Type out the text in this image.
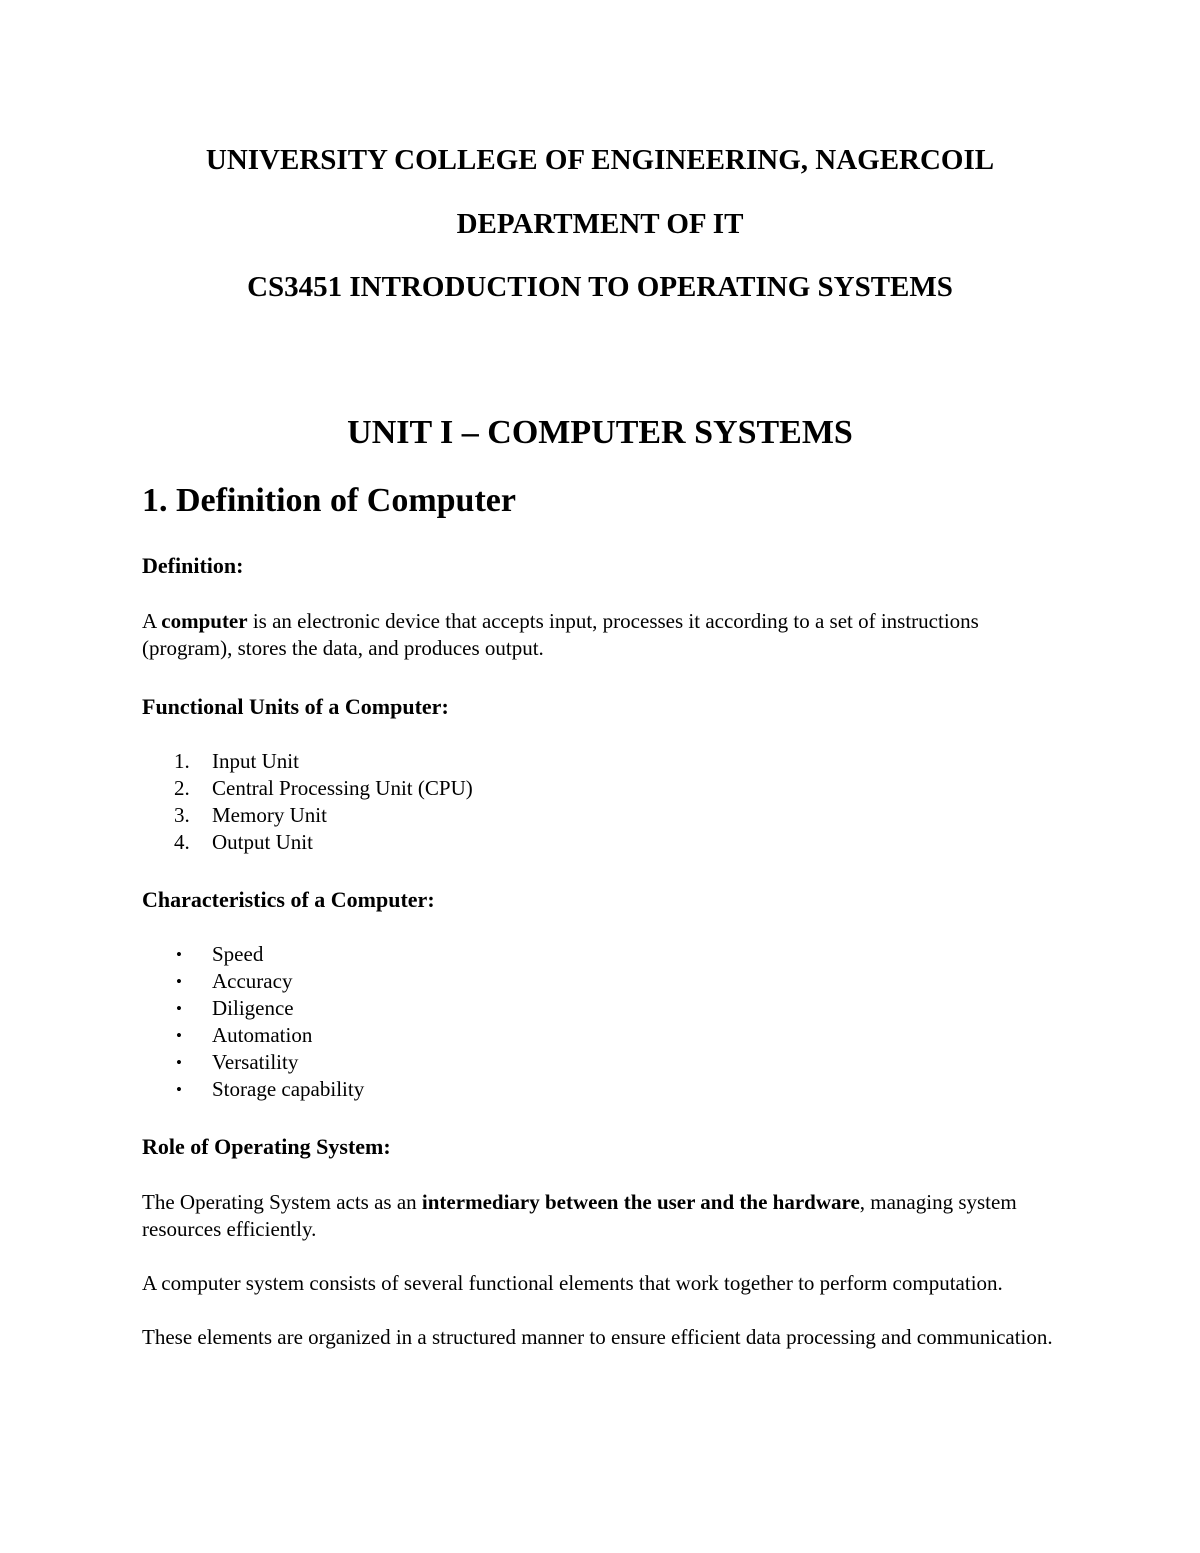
UNIVERSITY COLLEGE OF ENGINEERING, NAGERCOIL
DEPARTMENT OF IT
CS3451 INTRODUCTION TO OPERATING SYSTEMS
UNIT I – COMPUTER SYSTEMS
1. Definition of Computer
Definition:

A computer is an electronic device that accepts input, processes it according to a set of instructions (program), stores the data, and produces output.

Functional Units of a Computer:
1. Input Unit
2. Central Processing Unit (CPU)
3. Memory Unit
4. Output Unit
Characteristics of a Computer:
• Speed
• Accuracy
• Diligence
• Automation
• Versatility
• Storage capability
Role of Operating System:

The Operating System acts as an intermediary between the user and the hardware, managing system resources efficiently.

A computer system consists of several functional elements that work together to perform computation.

These elements are organized in a structured manner to ensure efficient data processing and communication.
